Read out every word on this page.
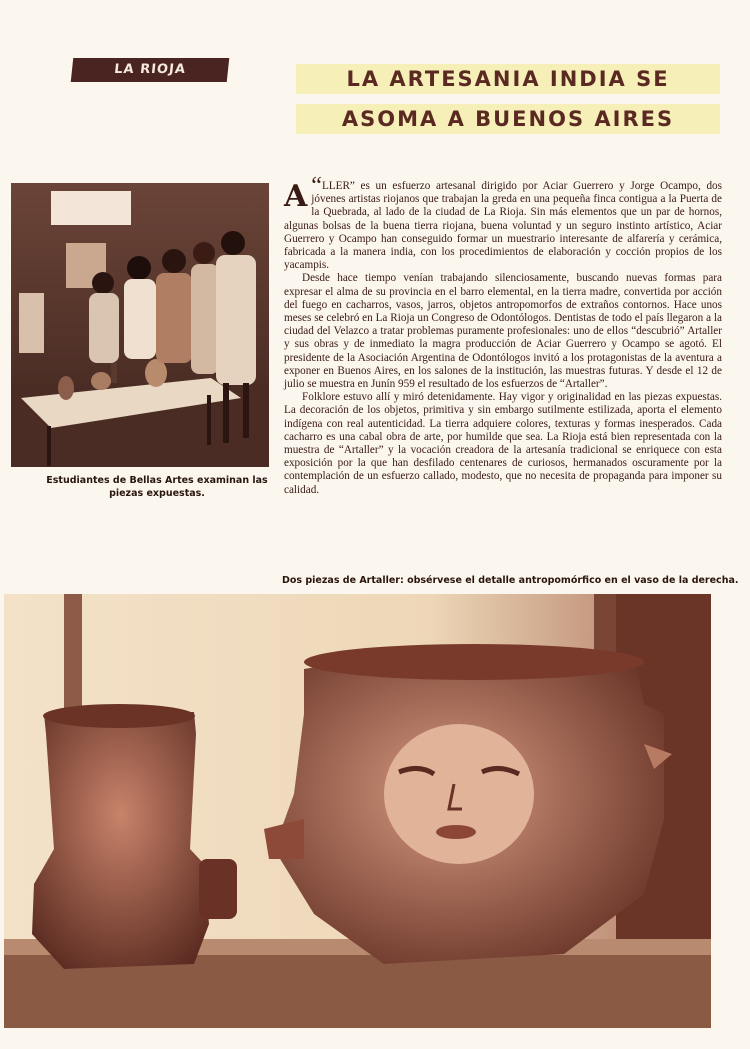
LA RIOJA	LA ARTESANIA INDIA SE
ASOMA A BUENOS AIRES
Estudiantes de Bellas Artes examinan las piezas expuestas.

“
A LLER” es un esfuerzo artesanal dirigido por Aciar Guerrero y Jorge Ocampo, dos jóvenes artistas riojanos que trabajan la greda en una pequeña finca contigua a la Puerta de la Quebrada, al lado de la ciudad de La Rioja. Sin más elementos que un par de hornos, algunas bolsas de la buena tierra riojana, buena voluntad y un seguro instinto artístico, Aciar Guerrero y Ocampo han conseguido formar un muestrario interesante de alfarería y cerámica, fabricada a la manera india, con los procedimientos de elaboración y cocción propios de los yacampis.

Desde hace tiempo venían trabajando silenciosamente, buscando nuevas formas para expresar el alma de su provincia en el barro elemental, en la tierra madre, convertida por acción del fuego en cacharros, vasos, jarros, objetos antropomorfos de extraños contornos. Hace unos meses se celebró en La Rioja un Congreso de Odontólogos. Dentistas de todo el país llegaron a la ciudad del Velazco a tratar problemas puramente profesionales: uno de ellos “descubrió” Artaller y sus obras y de inmediato la magra producción de Aciar Guerrero y Ocampo se agotó. El presidente de la Asociación Argentina de Odontólogos invitó a los protagonistas de la aventura a exponer en Buenos Aires, en los salones de la institución, las muestras futuras. Y desde el 12 de julio se muestra en Junín 959 el resultado de los esfuerzos de “Artaller”.

Folklore estuvo allí y miró detenidamente. Hay vigor y originalidad en las piezas expuestas. La decoración de los objetos, primitiva y sin embargo sutilmente estilizada, aporta el elemento indígena con real autenticidad. La tierra adquiere colores, texturas y formas inesperados. Cada cacharro es una cabal obra de arte, por humilde que sea. La Rioja está bien representada con la muestra de “Artaller” y la vocación creadora de la artesanía tradicional se enriquece con esta exposición por la que han desfilado centenares de curiosos, hermanados oscuramente por la contemplación de un esfuerzo callado, modesto, que no necesita de propaganda para imponer su calidad.

Dos piezas de Artaller: obsérvese el detalle antropomórfico en el vaso de la derecha.
